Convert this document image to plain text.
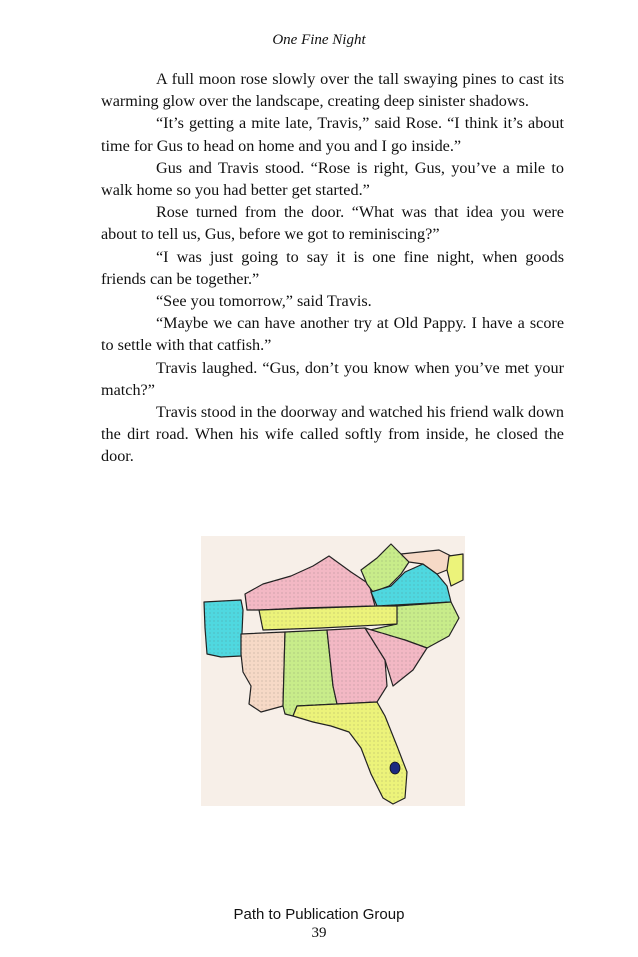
One Fine Night

A full moon rose slowly over the tall swaying pines to cast its warming glow over the landscape, creating deep sinister shadows.

“It’s getting a mite late, Travis,” said Rose. “I think it’s about time for Gus to head on home and you and I go inside.”

Gus and Travis stood. “Rose is right, Gus, you’ve a mile to walk home so you had better get started.”

Rose turned from the door. “What was that idea you were about to tell us, Gus, before we got to reminiscing?”

“I was just going to say it is one fine night, when goods friends can be together.”

“See you tomorrow,” said Travis.

“Maybe we can have another try at Old Pappy. I have a score to settle with that catfish.”

Travis laughed. “Gus, don’t you know when you’ve met your match?”

Travis stood in the doorway and watched his friend walk down the dirt road. When his wife called softly from inside, he closed the door.

Path to Publication Group
39
